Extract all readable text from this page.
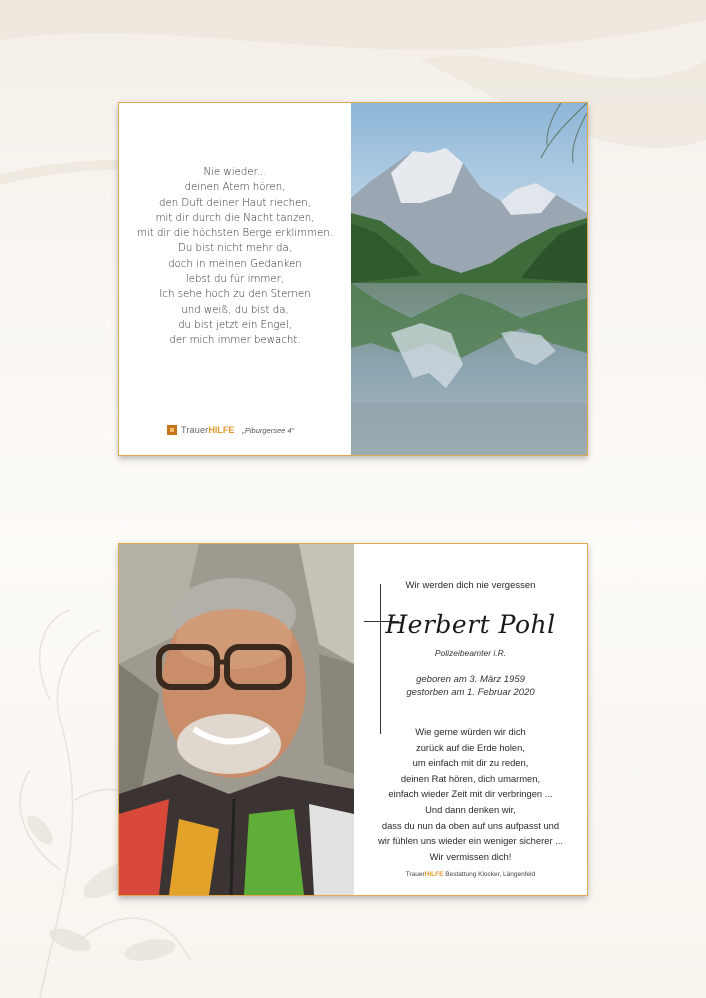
Nie wieder...
deinen Atem hören,
den Duft deiner Haut riechen,
mit dir durch die Nacht tanzen,
mit dir die höchsten Berge erklimmen.
Du bist nicht mehr da,
doch in meinen Gedanken
lebst du für immer,
Ich sehe hoch zu den Sternen
und weiß, du bist da,
du bist jetzt ein Engel,
der mich immer bewacht.
Trauer HILFE „Piburgersee 4“
Wir werden dich nie vergessen
Herbert Pohl
Polizeibeamter i.R.
geboren am 3. März 1959
gestorben am 1. Februar 2020
Wie gerne würden wir dich
zurück auf die Erde holen,
um einfach mit dir zu reden,
deinen Rat hören, dich umarmen,
einfach wieder Zeit mit dir verbringen ...
Und dann denken wir,
dass du nun da oben auf uns aufpasst und
wir fühlen uns wieder ein weniger sicherer ...
Wir vermissen dich!
TrauerHILFE Bestattung Klocker, Längenfeld
